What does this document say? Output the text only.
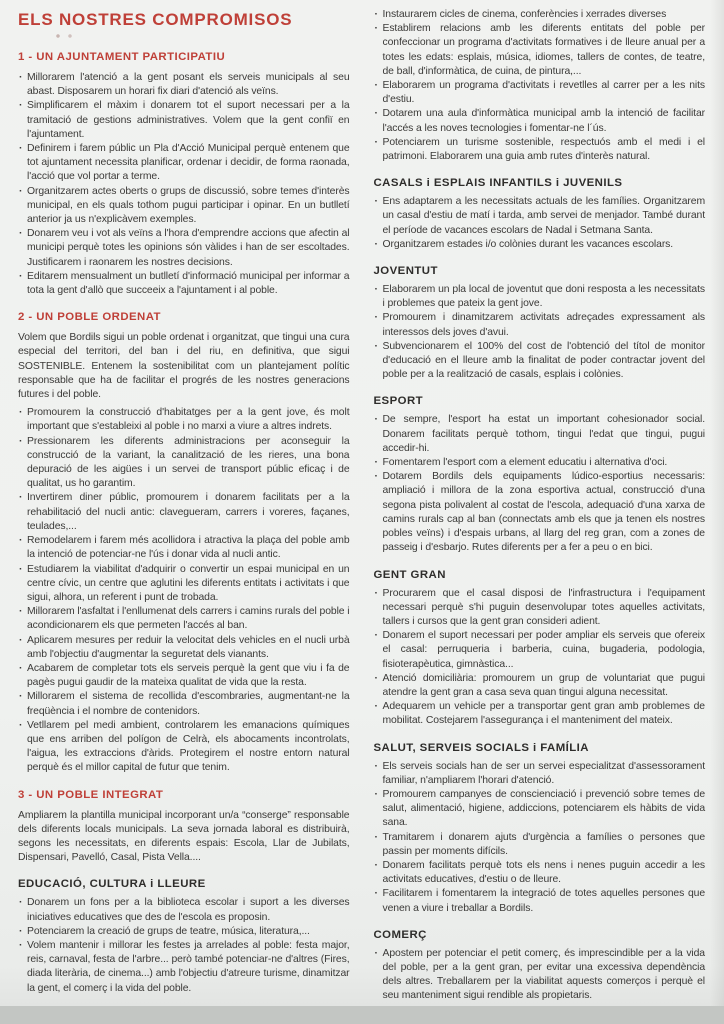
ELS NOSTRES COMPROMISOS
1 - UN AJUNTAMENT PARTICIPATIU
· Millorarem l'atenció a la gent posant els serveis municipals al seu abast. Disposarem un horari fix diari d'atenció als veïns.
· Simplificarem el màxim i donarem tot el suport necessari per a la tramitació de gestions administratives. Volem que la gent confiï en l'ajuntament.
· Definirem i farem públic un Pla d'Acció Municipal perquè entenem que tot ajuntament necessita planificar, ordenar i decidir, de forma raonada, l'acció que vol portar a terme.
· Organitzarem actes oberts o grups de discussió, sobre temes d'interès municipal, en els quals tothom pugui participar i opinar. En un butlletí anterior ja us n'explicàvem exemples.
· Donarem veu i vot als veïns a l'hora d'emprendre accions que afectin al municipi perquè totes les opinions són vàlides i han de ser escoltades. Justificarem i raonarem les nostres decisions.
· Editarem mensualment un butlletí d'informació municipal per informar a tota la gent d'allò que succeeix a l'ajuntament i al poble.
2 - UN POBLE ORDENAT
Volem que Bordils sigui un poble ordenat i organitzat, que tingui una cura especial del territori, del ban i del riu, en definitiva, que sigui SOSTENIBLE. Entenem la sostenibilitat com un plantejament polític responsable que ha de facilitar el progrés de les nostres generacions futures i del poble.
· Promourem la construcció d'habitatges per a la gent jove, és molt important que s'estableixi al poble i no marxi a viure a altres indrets.
· Pressionarem les diferents administracions per aconseguir la construcció de la variant, la canalització de les rieres, una bona depuració de les aigües i un servei de transport públic eficaç i de qualitat, us ho garantim.
· Invertirem diner públic, promourem i donarem facilitats per a la rehabilitació del nucli antic: clavegueram, carrers i voreres, façanes, teulades,...
· Remodelarem i farem més acollidora i atractiva la plaça del poble amb la intenció de potenciar-ne l'ús i donar vida al nucli antic.
· Estudiarem la viabilitat d'adquirir o convertir un espai municipal en un centre cívic, un centre que aglutini les diferents entitats i activitats i que sigui, alhora, un referent i punt de trobada.
· Millorarem l'asfaltat i l'enllumenat dels carrers i camins rurals del poble i acondicionarem els que permeten l'accés al ban.
· Aplicarem mesures per reduir la velocitat dels vehicles en el nucli urbà amb l'objectiu d'augmentar la seguretat dels vianants.
· Acabarem de completar tots els serveis perquè la gent que viu i fa de pagès pugui gaudir de la mateixa qualitat de vida que la resta.
· Millorarem el sistema de recollida d'escombraries, augmentant-ne la freqüència i el nombre de contenidors.
· Vetllarem pel medi ambient, controlarem les emanacions químiques que ens arriben del polígon de Celrà, els abocaments incontrolats, l'aigua, les extraccions d'àrids. Protegirem el nostre entorn natural perquè és el millor capital de futur que tenim.
3 - UN POBLE INTEGRAT
Ampliarem la plantilla municipal incorporant un/a “conserge” responsable dels diferents locals municipals. La seva jornada laboral es distribuirà, segons les necessitats, en diferents espais: Escola, Llar de Jubilats, Dispensari, Pavelló, Casal, Pista Vella....
EDUCACIÓ, CULTURA i LLEURE
· Donarem un fons per a la biblioteca escolar i suport a les diverses iniciatives educatives que des de l'escola es proposin.
· Potenciarem la creació de grups de teatre, música, literatura,...
· Volem mantenir i millorar les festes ja arrelades al poble: festa major, reis, carnaval, festa de l'arbre... però també potenciar-ne d'altres (Fires, diada literària, de cinema...) amb l'objectiu d'atreure turisme, dinamitzar la gent, el comerç i la vida del poble.
· Instaurarem cicles de cinema, conferències i xerrades diverses
· Establirem relacions amb les diferents entitats del poble per confeccionar un programa d'activitats formatives i de lleure anual per a totes les edats: esplais, música, idiomes, tallers de contes, de teatre, de ball, d'informàtica, de cuina, de pintura,...
· Elaborarem un programa d'activitats i revetlles al carrer per a les nits d'estiu.
· Dotarem una aula d'informàtica municipal amb la intenció de facilitar l'accés a les noves tecnologies i fomentar-ne l´ús.
· Potenciarem un turisme sostenible, respectuós amb el medi i el patrimoni. Elaborarem una guia amb rutes d'interès natural.
CASALS i ESPLAIS INFANTILS i JUVENILS
· Ens adaptarem a les necessitats actuals de les famílies. Organitzarem un casal d'estiu de matí i tarda, amb servei de menjador. També durant el període de vacances escolars de Nadal i Setmana Santa.
· Organitzarem estades i/o colònies durant les vacances escolars.
JOVENTUT
· Elaborarem un pla local de joventut que doni resposta a les necessitats i problemes que pateix la gent jove.
· Promourem i dinamitzarem activitats adreçades expressament als interessos dels joves d'avui.
· Subvencionarem el 100% del cost de l'obtenció del títol de monitor d'educació en el lleure amb la finalitat de poder contractar jovent del poble per a la realització de casals, esplais i colònies.
ESPORT
· De sempre, l'esport ha estat un important cohesionador social. Donarem facilitats perquè tothom, tingui l'edat que tingui, pugui accedir-hi.
· Fomentarem l'esport com a element educatiu i alternativa d'oci.
· Dotarem Bordils dels equipaments lúdico-esportius necessaris: ampliació i millora de la zona esportiva actual, construcció d'una segona pista polivalent al costat de l'escola, adequació d'una xarxa de camins rurals cap al ban (connectats amb els que ja tenen els nostres pobles veïns) i d'espais urbans, al llarg del reg gran, com a zones de passeig i d'esbarjo. Rutes diferents per a fer a peu o en bici.
GENT GRAN
· Procurarem que el casal disposi de l'infrastructura i l'equipament necessari perquè s'hi puguin desenvolupar totes aquelles activitats, tallers i cursos que la gent gran consideri adient.
· Donarem el suport necessari per poder ampliar els serveis que ofereix el casal: perruqueria i barberia, cuina, bugaderia, podologia, fisioterapèutica, gimnàstica...
· Atenció domiciliària: promourem un grup de voluntariat que pugui atendre la gent gran a casa seva quan tingui alguna necessitat.
· Adequarem un vehicle per a transportar gent gran amb problemes de mobilitat. Costejarem l'assegurança i el manteniment del mateix.
SALUT, SERVEIS SOCIALS i FAMÍLIA
· Els serveis socials han de ser un servei especialitzat d'assessorament familiar, n'ampliarem l'horari d'atenció.
· Promourem campanyes de conscienciació i prevenció sobre temes de salut, alimentació, higiene, addiccions, potenciarem els hàbits de vida sana.
· Tramitarem i donarem ajuts d'urgència a famílies o persones que passin per moments difícils.
· Donarem facilitats perquè tots els nens i nenes puguin accedir a les activitats educatives, d'estiu o de lleure.
· Facilitarem i fomentarem la integració de totes aquelles persones que venen a viure i treballar a Bordils.
COMERÇ
· Apostem per potenciar el petit comerç, és imprescindible per a la vida del poble, per a la gent gran, per evitar una excessiva dependència dels altres. Treballarem per la viabilitat aquests comerços i perquè el seu manteniment sigui rendible als propietaris.
